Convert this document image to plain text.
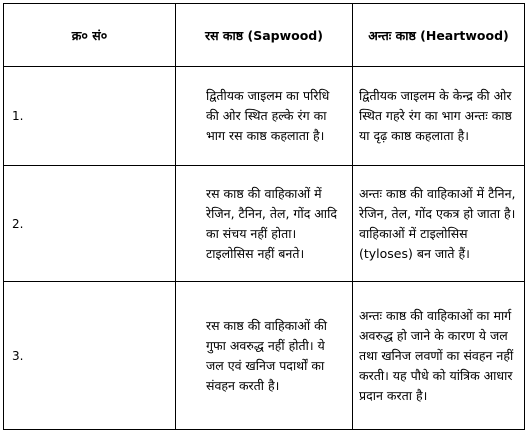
क्र० सं०	रस काष्ठ (Sapwood)	अन्तः काष्ठ (Heartwood)
1.	द्वितीयक जाइलम का परिधि की ओर स्थित हल्के रंग का भाग रस काष्ठ कहलाता है।	द्वितीयक जाइलम के केन्द्र की ओर स्थित गहरे रंग का भाग अन्तः काष्ठ या दृढ़ काष्ठ कहलाता है।
2.	रस काष्ठ की वाहिकाओं में रेजिन, टैनिन, तेल, गोंद आदि का संचय नहीं होता। टाइलोसिस नहीं बनते।	अन्तः काष्ठ की वाहिकाओं में टैनिन, रेजिन, तेल, गोंद एकत्र हो जाता है। वाहिकाओं में टाइलोसिस (tyloses) बन जाते हैं।
3.	रस काष्ठ की वाहिकाओं की गुफा अवरुद्ध नहीं होती। ये जल एवं खनिज पदार्थों का संवहन करती है।	अन्तः काष्ठ की वाहिकाओं का मार्ग अवरुद्ध हो जाने के कारण ये जल तथा खनिज लवणों का संवहन नहीं करती। यह पौधे को यांत्रिक आधार प्रदान करता है।
